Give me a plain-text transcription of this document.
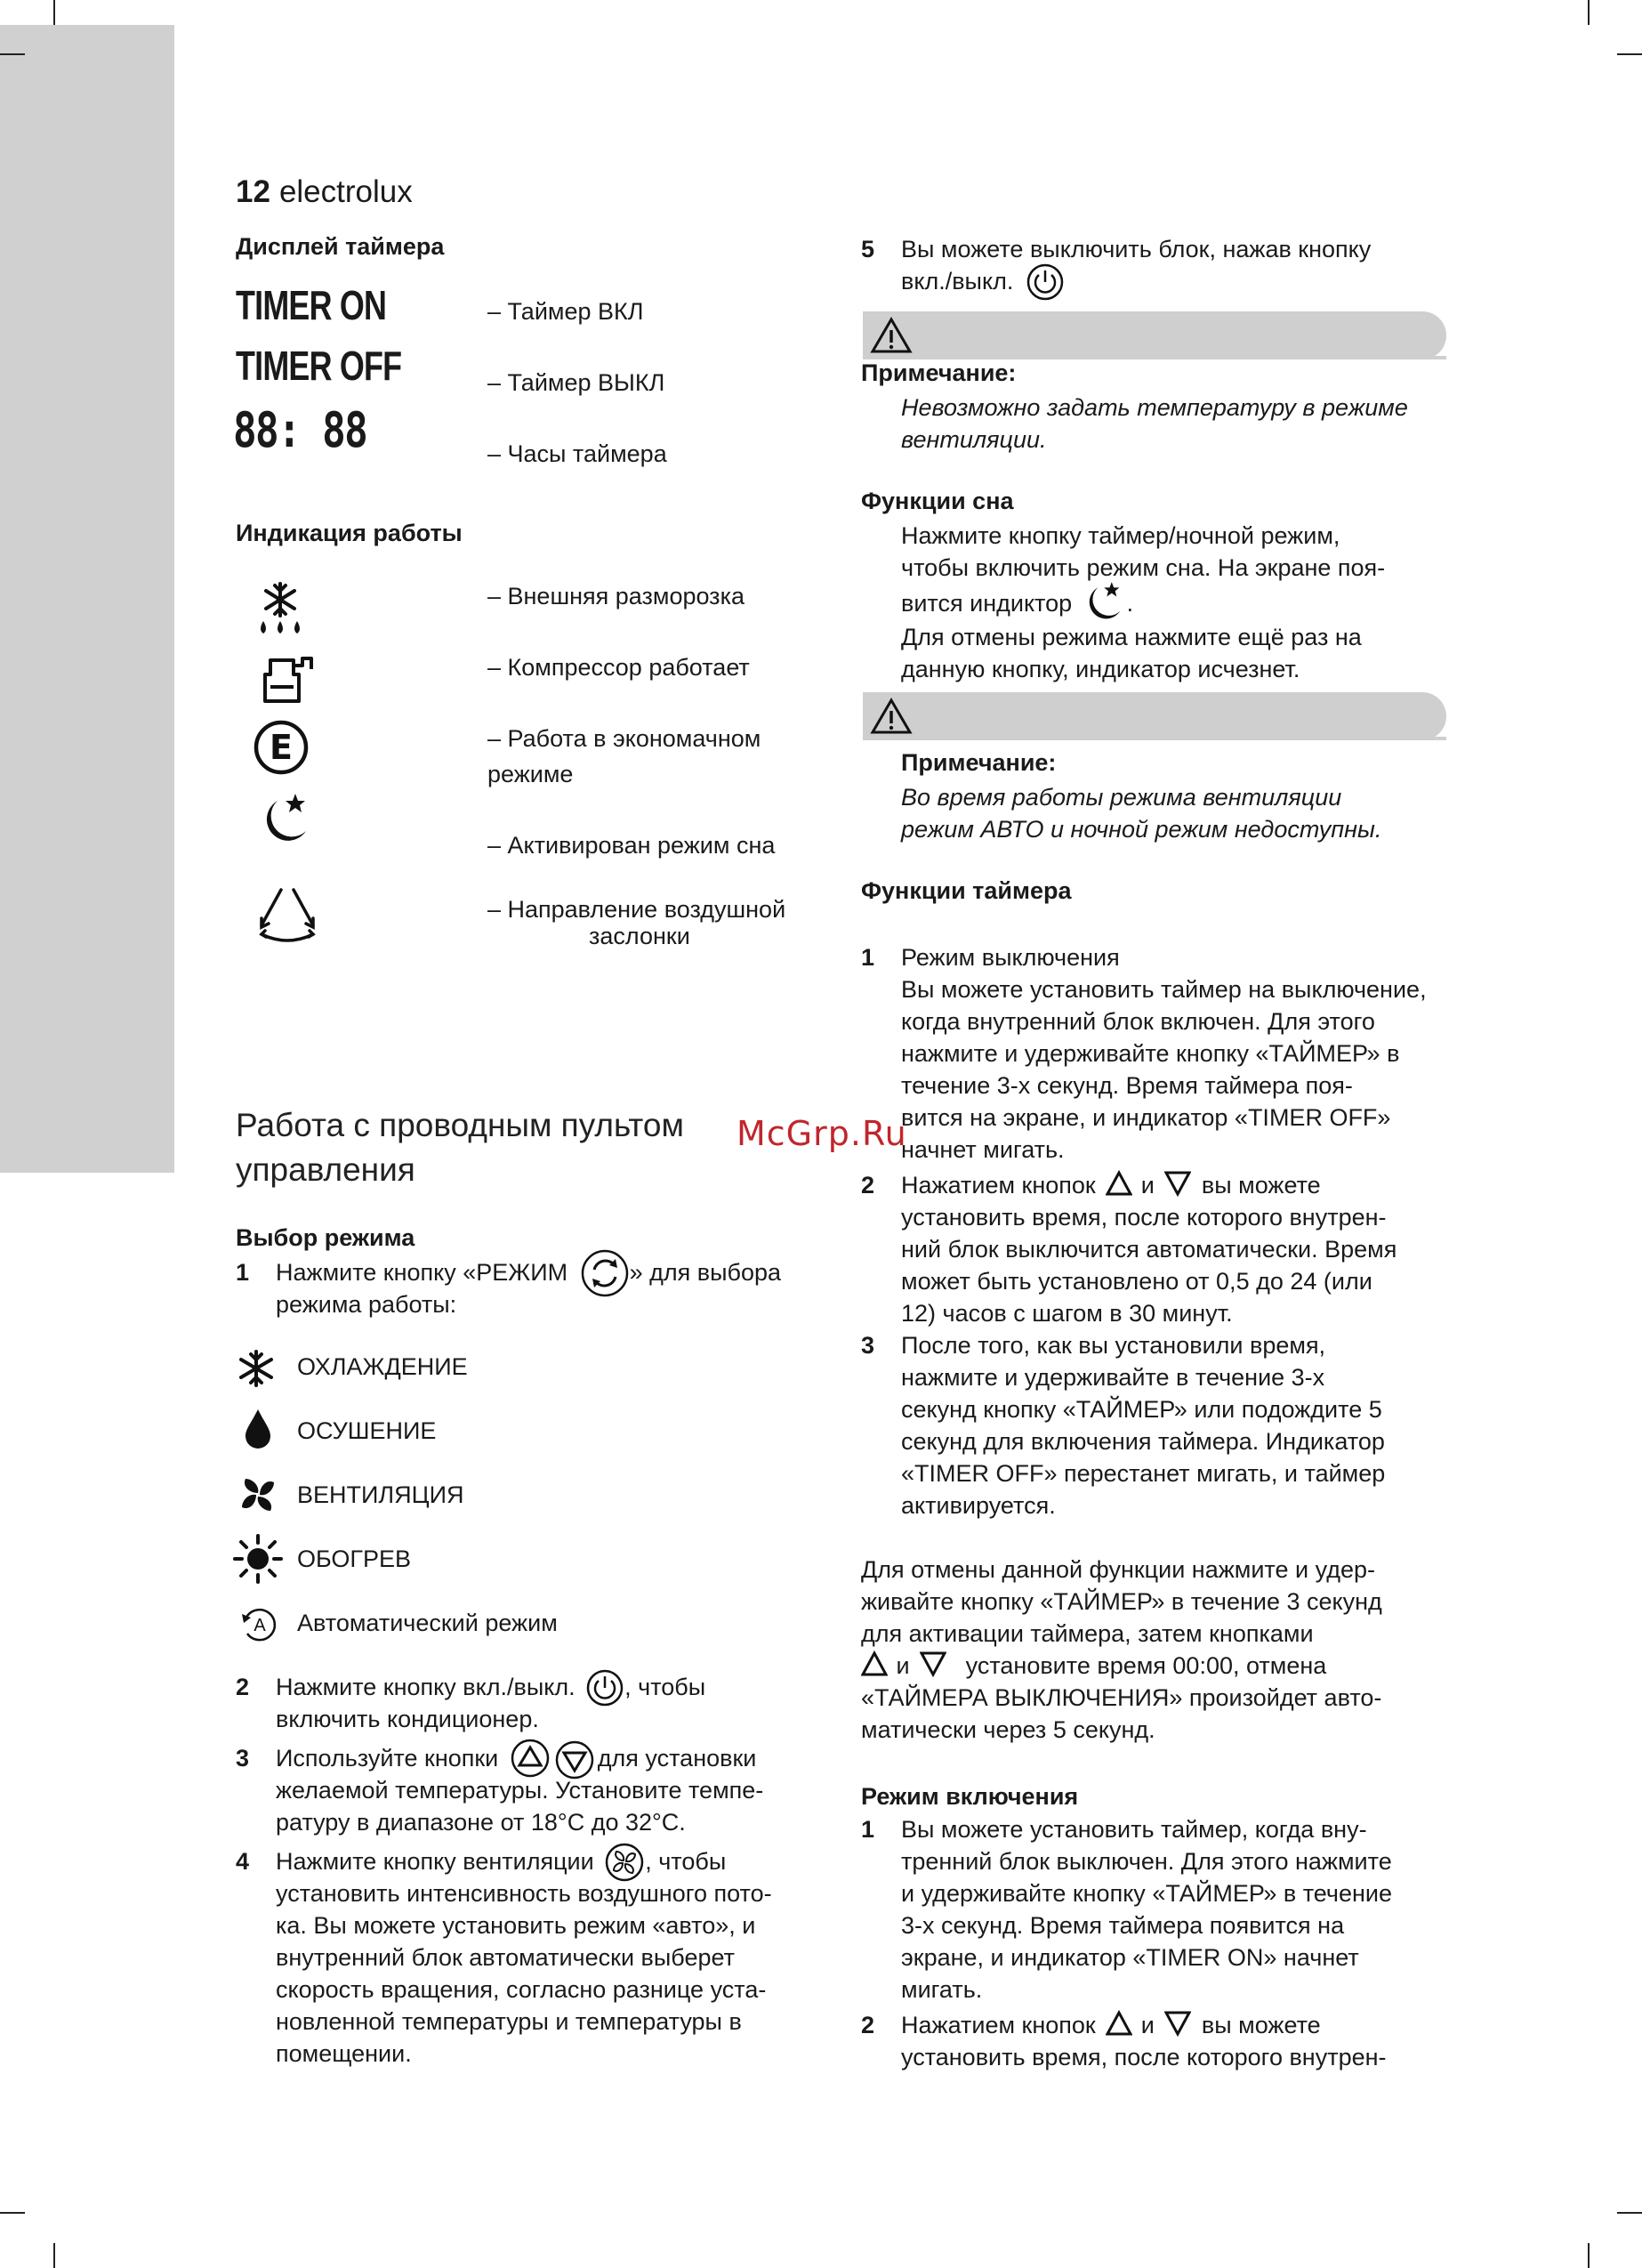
12 electrolux
Дисплей таймера
TIMER ON	– Таймер ВКЛ
TIMER OFF	– Таймер ВЫКЛ
88: 88	– Часы таймера
Индикация работы
– Внешняя разморозка
– Компрессор работает
E	– Работа в экономачном
режиме
– Активирован режим сна
– Направление воздушной
заслонки
Работа с проводным пультом
управления
Выбор режима
1 Нажмите кнопку «РЕЖИМ	» для выбора
режима работы:
ОХЛАЖДЕНИЕ
ОСУШЕНИЕ
ВЕНТИЛЯЦИЯ
ОБОГРЕВ
A Автоматический режим
2 Нажмите кнопку вкл./выкл. , чтобы
включить кондиционер.
3 Используйте кнопки	для установки
желаемой температуры. Установите темпе-
ратуру в диапазоне от 18°С до 32°С.
4 Нажмите кнопку вентиляции , чтобы
установить интенсивность воздушного пото-
ка. Вы можете установить режим «авто», и
внутренний блок автоматически выберет
скорость вращения, согласно разнице уста-
новленной температуры и температуры в
помещении.
5 Вы можете выключить блок, нажав кнопку
вкл./выкл.
Примечание:
Невозможно задать температуру в режиме
вентиляции.
Функции сна
Нажмите кнопку таймер/ночной режим,
чтобы включить режим сна. На экране поя-
вится индиктор .
Для отмены режима нажмите ещё раз на
данную кнопку, индикатор исчезнет.
Примечание:
Во время работы режима вентиляции
режим АВТО и ночной режим недоступны.
Функции таймера
1 Режим выключения
Вы можете установить таймер на выключение,
когда внутренний блок включен. Для этого
нажмите и удерживайте кнопку «ТАЙМЕР» в
течение 3-х секунд. Время таймера поя-
вится на экране, и индикатор «TIMER OFF»
начнет мигать.
2 Нажатием кнопок и вы можете
установить время, после которого внутрен-
ний блок выключится автоматически. Время
может быть установлено от 0,5 до 24 (или
12) часов с шагом в 30 минут.
3 После того, как вы установили время,
нажмите и удерживайте в течение 3-х
секунд кнопку «ТАЙМЕР» или подождите 5
секунд для включения таймера. Индикатор
«TIMER OFF» перестанет мигать, и таймер
активируется.
Для отмены данной функции нажмите и удер-
живайте кнопку «ТАЙМЕР» в течение 3 секунд
для активации таймера, затем кнопками
и установите время 00:00, отмена
«ТАЙМЕРА ВЫКЛЮЧЕНИЯ» произойдет авто-
матически через 5 секунд.
Режим включения
1 Вы можете установить таймер, когда вну-
тренний блок выключен. Для этого нажмите
и удерживайте кнопку «ТАЙМЕР» в течение
3-х секунд. Время таймера появится на
экране, и индикатор «TIMER ON» начнет
мигать.
2 Нажатием кнопок и вы можете
установить время, после которого внутрен-
McGrp.Ru
